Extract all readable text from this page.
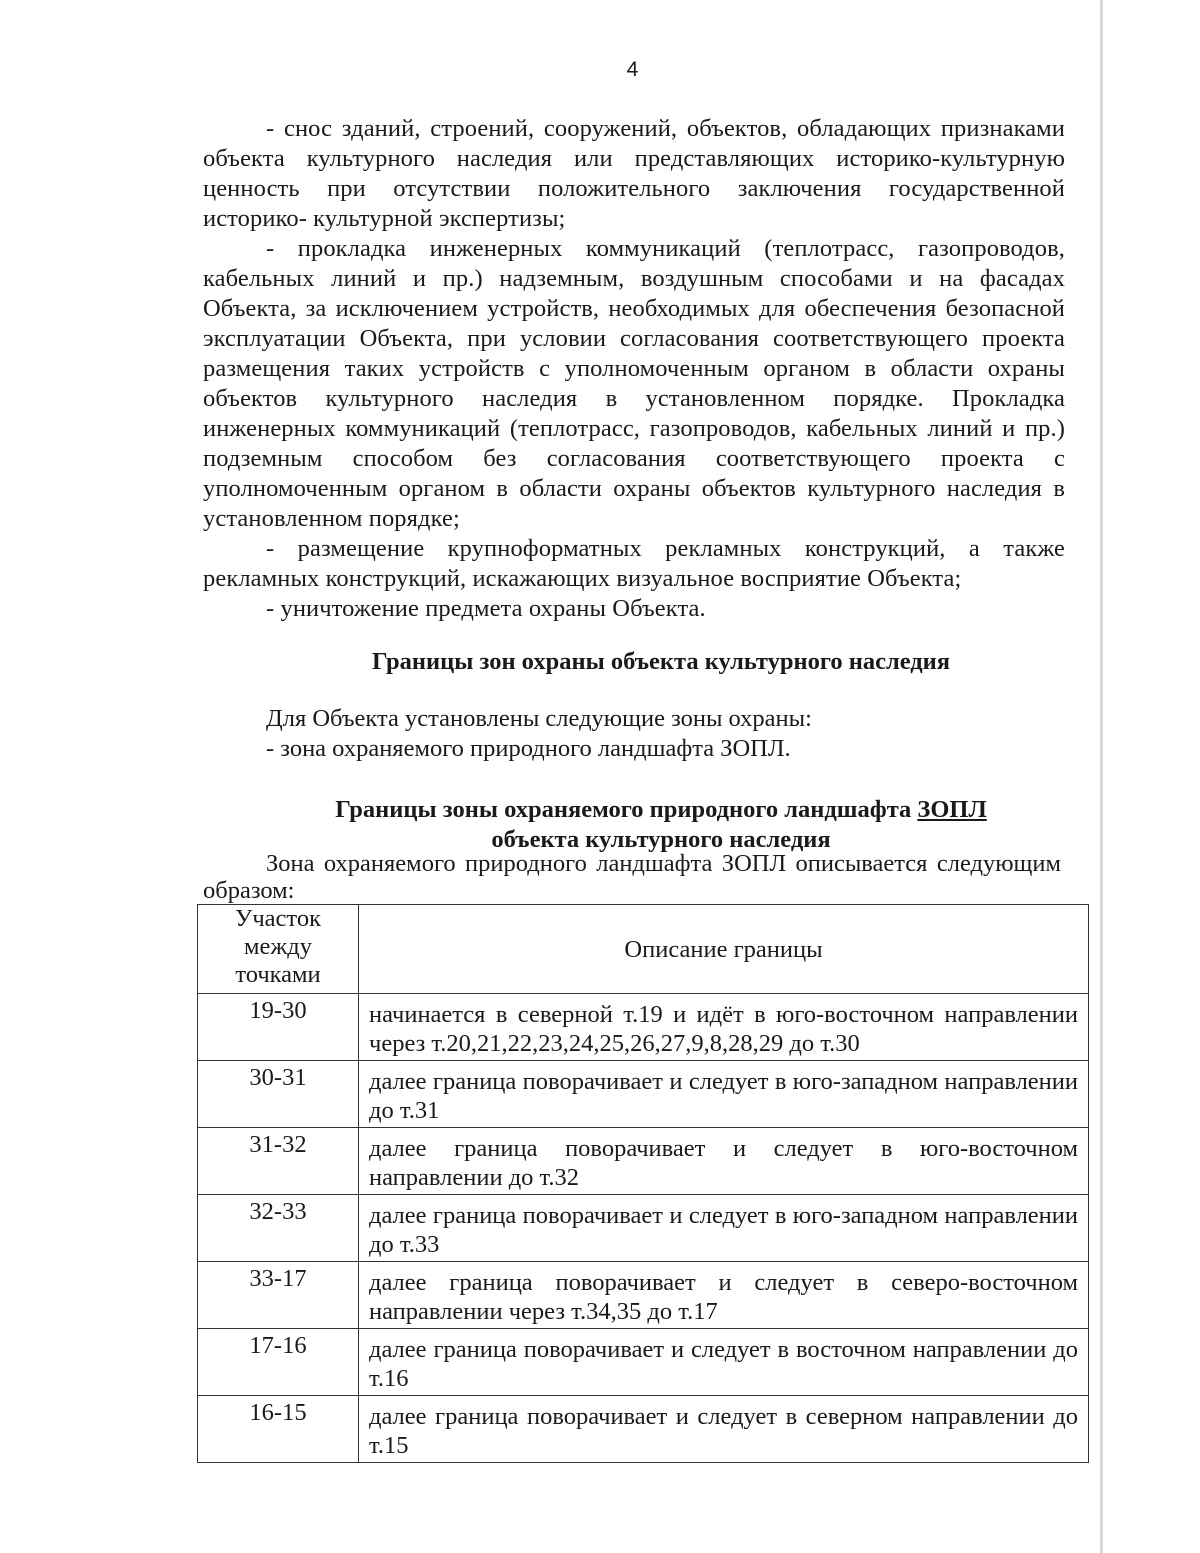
4

- снос зданий, строений, сооружений, объектов, обладающих признаками объекта культурного наследия или представляющих историко-культурную ценность при отсутствии положительного заключения государственной историко- культурной экспертизы;

- прокладка инженерных коммуникаций (теплотрасс, газопроводов, кабельных линий и пр.) надземным, воздушным способами и на фасадах Объекта, за исключением устройств, необходимых для обеспечения безопасной эксплуатации Объекта, при условии согласования соответствующего проекта размещения таких устройств с уполномоченным органом в области охраны объектов культурного наследия в установленном порядке. Прокладка инженерных коммуникаций (теплотрасс, газопроводов, кабельных линий и пр.) подземным способом без согласования соответствующего проекта с уполномоченным органом в области охраны объектов культурного наследия в установленном порядке;

- размещение крупноформатных рекламных конструкций, а также рекламных конструкций, искажающих визуальное восприятие Объекта;

- уничтожение предмета охраны Объекта.

Границы зон охраны объекта культурного наследия
Для Объекта установлены следующие зоны охраны:
- зона охраняемого природного ландшафта ЗОПЛ.
Границы зоны охраняемого природного ландшафта ЗОПЛ
объекта культурного наследия

Зона охраняемого природного ландшафта ЗОПЛ описывается следующим образом:

Участок между точками	Описание границы
19-30	начинается в северной т.19 и идёт в юго-восточном направлении через т.20,21,22,23,24,25,26,27,9,8,28,29 до т.30
30-31	далее граница поворачивает и следует в юго-западном направлении до т.31
31-32	далее граница поворачивает и следует в юго-восточном направлении до т.32
32-33	далее граница поворачивает и следует в юго-западном направлении до т.33
33-17	далее граница поворачивает и следует в северо-восточном направлении через т.34,35 до т.17
17-16	далее граница поворачивает и следует в восточном направлении до т.16
16-15	далее граница поворачивает и следует в северном направлении до т.15
